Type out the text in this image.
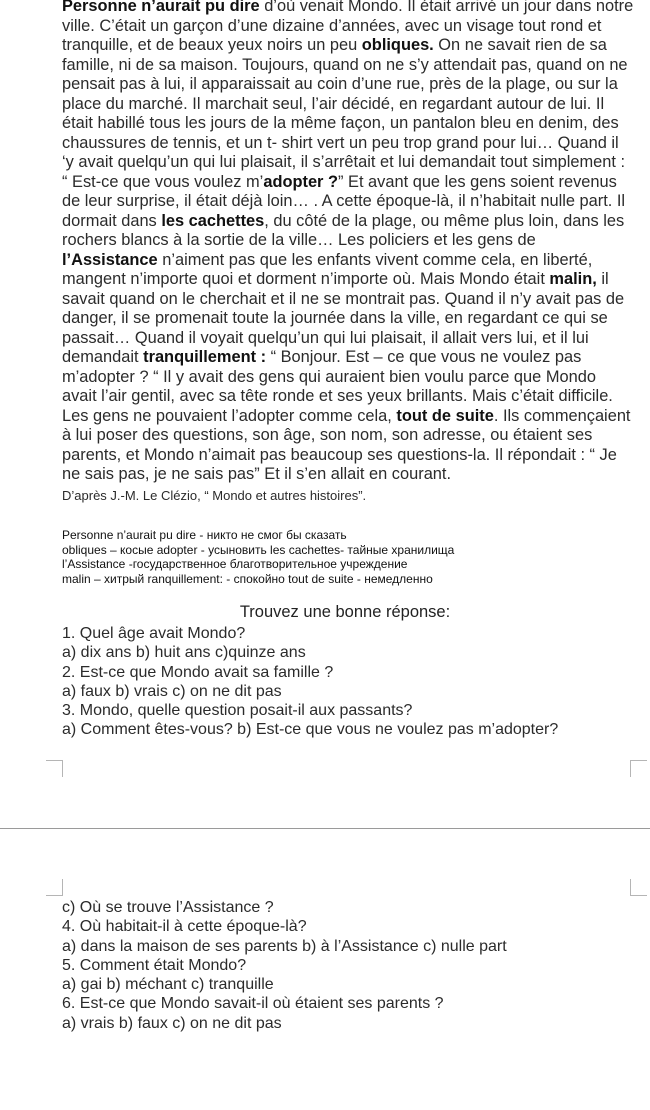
Personne n’aurait pu dire d’où venait Mondo. Il était arrivé un jour dans notre ville. C’était un garçon d’une dizaine d’années, avec un visage tout rond et tranquille, et de beaux yeux noirs un peu obliques. On ne savait rien de sa famille, ni de sa maison. Toujours, quand on ne s’y attendait pas, quand on ne pensait pas à lui, il apparaissait au coin d’une rue, près de la plage, ou sur la place du marché. Il marchait seul, l’air décidé, en regardant autour de lui. Il était habillé tous les jours de la même façon, un pantalon bleu en denim, des chaussures de tennis, et un t- shirt vert un peu trop grand pour lui… Quand il ‘y avait quelqu’un qui lui plaisait, il s’arrêtait et lui demandait tout simplement : “ Est-ce que vous voulez m’adopter ?” Et avant que les gens soient revenus de leur surprise, il était déjà loin… . A cette époque-là, il n’habitait nulle part. Il dormait dans les cachettes, du côté de la plage, ou même plus loin, dans les rochers blancs à la sortie de la ville… Les policiers et les gens de l’Assistance n’aiment pas que les enfants vivent comme cela, en liberté, mangent n’importe quoi et dorment n’importe où. Mais Mondo était malin, il savait quand on le cherchait et il ne se montrait pas. Quand il n’y avait pas de danger, il se promenait toute la journée dans la ville, en regardant ce qui se passait… Quand il voyait quelqu’un qui lui plaisait, il allait vers lui, et il lui

demandait tranquillement : “ Bonjour. Est – ce que vous ne voulez pas m’adopter ? “ Il y avait des gens qui auraient bien voulu parce que Mondo avait l’air gentil, avec sa tête ronde et ses yeux brillants. Mais c’était difficile. Les gens ne pouvaient l’adopter comme cela, tout de suite. Ils commençaient à lui poser des questions, son âge, son nom, son adresse, ou étaient ses parents, et Mondo n’aimait pas beaucoup ses questions-la. Il répondait : “ Je ne sais pas, je ne sais pas” Et il s’en allait en courant.

D’après J.-M. Le Clézio, “ Mondo et autres histoires”.
Personne n’aurait pu dire - никто не смог бы сказать
obliques – косые adopter - усыновить les cachettes- тайные хранилища
l’Assistance -государственное благотворительное учреждение
malin – хитрый ranquillement: - спокойно tout de suite - немедленно
Trouvez une bonne réponse:
1. Quel âge avait Mondo?
a) dix ans b) huit ans c)quinze ans
2. Est-ce que Mondo avait sa famille ?
a) faux b) vrais c) on ne dit pas
3. Mondo, quelle question posait-il aux passants?
a) Comment êtes-vous? b) Est-ce que vous ne voulez pas m’adopter?
c) Où se trouve l’Assistance ?
4. Où habitait-il à cette époque-là?
a) dans la maison de ses parents b) à l’Assistance c) nulle part
5. Comment était Mondo?
a) gai b) méchant c) tranquille
6. Est-ce que Mondo savait-il où étaient ses parents ?
a) vrais b) faux c) on ne dit pas
